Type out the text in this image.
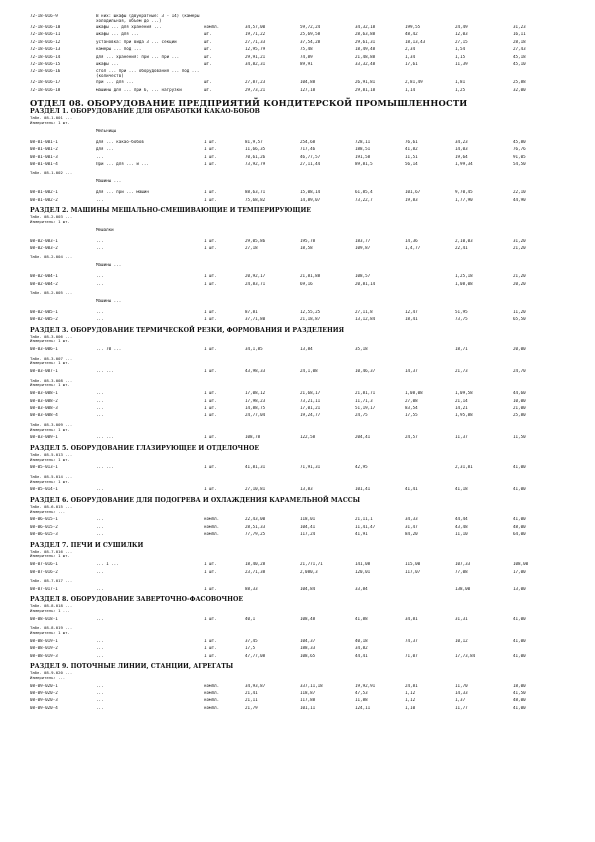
72-18-016-9	В них: шкафы (двукратные: 3 - 14) (камеры холодильная, объем до ...)
72-18-016-10	шкафы ... для хранения ...	компл.	34,57,00	59,72,24	34,32,18	199,55	24,49	31,23
72-18-016-11	шкафы ... для ...	шт.	19,71,22	25,69,58	28,63,88	48,42	12,03	16,11
72-18-016-12	установка: при вида 3 ... секции	шт.	27,71,33	37,54,28	29,61,31	18,13,43	27,15	28,18
72-18-016-13	камеры ... под ...	шт.	12,95,79	75,48	18,49,48	2,34	1,54	27,43
72-18-016-14	для ... хранения: при ... при ...	шт.	29,91,21	74,89	21,48,88	1,34	1,15	45,18
72-18-016-15	шкафы ...	шт.	34,82,31	89,91	33,32,48	17,61	11,39	45,10
72-18-016-16	стол ... при ... оборудования ... под ... (количеств)
72-18-016-17	при ... для ...	шт.	27,87,23	104,88	26,91,81	2,81,49	1,81	25,88
72-18-016-18	машины для ... при 6, ... нагрузки	шт.	29,73,21	127,18	29,81,18	1,14	1,25	32,00
ОТДЕЛ 08. ОБОРУДОВАНИЕ ПРЕДПРИЯТИЙ КОНДИТЕРСКОЙ ПРОМЫШЛЕННОСТИ
РАЗДЕЛ 1. ОБОРУДОВАНИЕ ДЛЯ ОБРАБОТКИ КАКАО-БОБОВ
Табл. 08-1-001 ...
Измеритель: 1 шт.
Мельницы
08-01-001-1	для ... какао-бобов	1 шт.	81,9,57	254,68	728,11	76,61	34,23	45,80
08-01-001-2	для ...	1 шт.	11,66,35	717,46	188,51	41,82	14,03	76,76
08-01-001-3	...	1 шт.	70,61,26	46,77,57	191,58	11,51	19,64	91,05
08-01-001-4	При ... для ... и ...	1 шт.	73,92,79	27,11,44	89,81,5	56,14	1,99,34	54,50
Табл. 08-1-002 ...
Машины ...
08-01-002-1	для ... при ... машин	1 шт.	88,63,71	15,08,14	61,85,4	101,67	9,70,45	22,10
08-01-002-2	...	1 шт.	75,68,82	14,89,07	73,22,7	19,83	1,77,90	44,90
РАЗДЕЛ 2. МАШИНЫ МЕШАЛЬНО-СМЕШИВАЮЩИЕ И ТЕМПЕРИРУЮЩИЕ
Табл. 08-2-003 ...
Измеритель: 1 шт.
Мешалки
08-02-003-1	...	1 шт.	29,05,86	195,78	183,77	14,36	2,10,03	31,20
08-02-003-2	...	1 шт.	27,18	18,58	109,87	1,4,77	22,41	21,20
Табл. 08-2-004 ...
Машины ...
08-02-004-1	...	1 шт.	20,92,17	21,81,88	108,57	1,25,18	21,20
08-02-004-2	...	1 шт.	24,83,71	69,16	20,81,14	1,08,08	20,20
Табл. 08-2-005 ...
Машины ...
08-02-005-1	...	1 шт.	87,81	12,55,25	27,11,8	12,47	51,95	11,20
08-02-005-2	...	1 шт.	37,71,80	21,18,87	13,12,84	18,41	73,75	65,50
РАЗДЕЛ 3. ОБОРУДОВАНИЕ ТЕРМИЧЕСКОЙ РЕЗКИ, ФОРМОВАНИЯ И РАЗДЕЛЕНИЯ
Табл. 08-3-006 ...
Измеритель: 1 шт.
08-03-006-1	... 70 ...	1 шт.	34,1,85	13,84	35,18	18,71	20,00
Табл. 08-3-007 ...
Измеритель: 1 шт.
08-03-007-1	... ...	1 шт.	43,98,33	24,1,08	10,46,37	14,37	21,73	24,70
Табл. 08-3-008 ...
Измеритель: 1 шт.
08-03-008-1	...	1 шт.	17,08,12	21,68,17	21,81,71	1,08,08	1,09,58	44,60
08-03-008-2	...	1 шт.	17,98,23	73,21,11	11,71,3	27,08	21,14	10,00
08-03-008-3	...	1 шт.	14,88,75	17,01,21	51,19,17	83,54	14,21	21,00
08-03-008-4	...	1 шт.	24,77,04	19,24,77	24,75	17,55	1,95,88	25,80
Табл. 08-3-009 ...
Измеритель: 1 шт.
08-03-009-1	... ...	1 шт.	108,78	122,58	204,41	24,57	11,37	11,50
РАЗДЕЛ 5. ОБОРУДОВАНИЕ ГЛАЗИРУЮЩЕЕ И ОТДЕЛОЧНОЕ
Табл. 08-5-013 ...
Измеритель: 1 шт.
08-05-013-1	... ...	1 шт.	41,81,31	71,91,31	42,95	2,31,81	41,00
Табл. 08-5-014 ...
Измеритель: 1 шт.
08-05-014-1	...	1 шт.	27,10,81	13,83	101,41	41,41	41,18	41,00
РАЗДЕЛ 6. ОБОРУДОВАНИЕ ДЛЯ ПОДОГРЕВА И ОХЛАЖДЕНИЯ КАРАМЕЛЬНОЙ МАССЫ
Табл. 08-6-015 ...
Измеритель: ...
08-06-015-1	...	компл.	22,43,00	118,01	21,11,1	34,33	44,44	41,00
08-06-015-2	...	компл.	28,51,33	104,41	11,41,47	31,47	43,48	48,00
08-06-015-3	...	компл.	77,79,25	117,24	41,91	84,20	11,10	64,00
РАЗДЕЛ 7. ПЕЧИ И СУШИЛКИ
Табл. 08-7-016 ...
Измеритель: 1 шт.
08-07-016-1	... 1 ...	1 шт.	18,40,28	21,771,71	141,08	115,00	107,33	108,00
08-07-016-2	...	1 шт.	23,71,38	2,080,3	120,01	117,07	77,08	17,00
Табл. 08-7-017 ...
08-07-017-1	...	1 шт.	88,33	104,84	33,84	138,00	13,00
РАЗДЕЛ 8. ОБОРУДОВАНИЕ ЗАВЕРТОЧНО-ФАСОВОЧНОЕ
Табл. 08-8-018 ...
Измеритель: 1 ...
08-08-018-1	...	1 шт.	40,1	108,48	41,88	34,81	31,31	41,00
Табл. 08-8-019 ...
Измеритель: 1 шт.
08-08-019-1	...	1 шт.	37,45	104,37	40,18	74,37	10,12	41,00
08-08-019-2	...	1 шт.	17,5	188,33	34,82
08-08-019-3	...	1 шт.	47,77,08	108,65	44,41	71,07	17,73,84	41,00
РАЗДЕЛ 9. ПОТОЧНЫЕ ЛИНИИ, СТАНЦИИ, АГРЕГАТЫ
Табл. 08-9-020 ...
Измеритель: ...
08-09-020-1	...	компл.	34,93,87	337,11,18	19,92,91	24,81	11,70	18,00
08-09-020-2	...	компл.	21,41	118,87	47,53	1,12	14,33	41,50
08-09-020-3	...	компл.	21,11	117,88	11,88	1,12	1,37	48,00
08-09-020-4	...	компл.	21,79	101,11	124,11	1,10	11,77	41,00
